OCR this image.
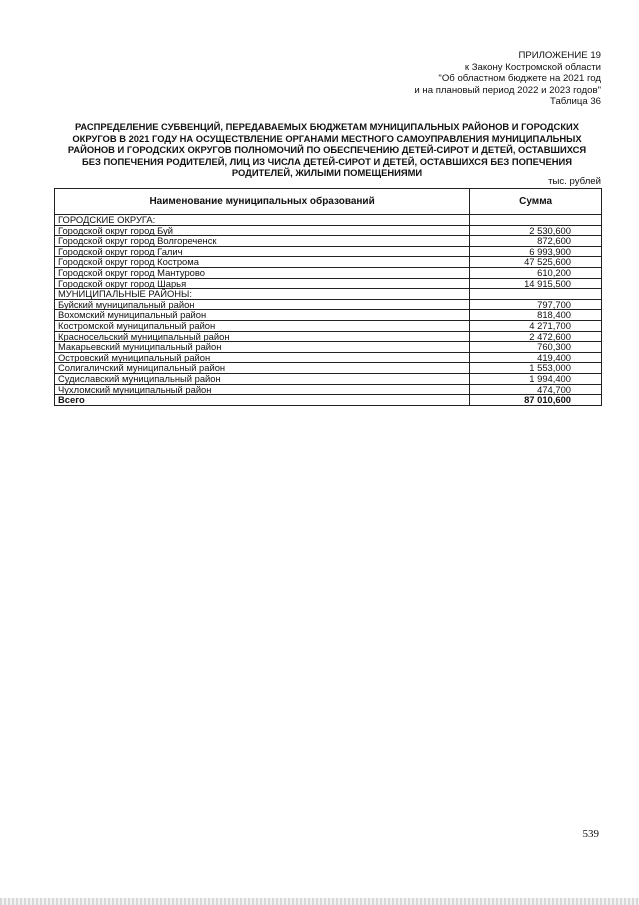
ПРИЛОЖЕНИЕ 19
к Закону Костромской области
"Об областном бюджете на 2021 год
и на плановый период 2022 и 2023 годов"
Таблица 36
РАСПРЕДЕЛЕНИЕ СУБВЕНЦИЙ, ПЕРЕДАВАЕМЫХ БЮДЖЕТАМ МУНИЦИПАЛЬНЫХ РАЙОНОВ И ГОРОДСКИХ
ОКРУГОВ В 2021 ГОДУ НА ОСУЩЕСТВЛЕНИЕ ОРГАНАМИ МЕСТНОГО САМОУПРАВЛЕНИЯ МУНИЦИПАЛЬНЫХ
РАЙОНОВ И ГОРОДСКИХ ОКРУГОВ ПОЛНОМОЧИЙ ПО ОБЕСПЕЧЕНИЮ ДЕТЕЙ-СИРОТ И ДЕТЕЙ, ОСТАВШИХСЯ
БЕЗ ПОПЕЧЕНИЯ РОДИТЕЛЕЙ, ЛИЦ ИЗ ЧИСЛА ДЕТЕЙ-СИРОТ И ДЕТЕЙ, ОСТАВШИХСЯ БЕЗ ПОПЕЧЕНИЯ
РОДИТЕЛЕЙ, ЖИЛЫМИ ПОМЕЩЕНИЯМИ
тыс. рублей
Наименование муниципальных образований	Сумма
ГОРОДСКИЕ ОКРУГА:	
Городской округ город Буй	2 530,600
Городской округ город Волгореченск	872,600
Городской округ город Галич	6 993,900
Городской округ город Кострома	47 525,600
Городской округ город Мантурово	610,200
Городской округ город Шарья	14 915,500
МУНИЦИПАЛЬНЫЕ РАЙОНЫ:	
Буйский муниципальный район	797,700
Вохомский муниципальный район	818,400
Костромской муниципальный район	4 271,700
Красносельский муниципальный район	2 472,600
Макарьевский муниципальный район	760,300
Островский муниципальный район	419,400
Солигаличский муниципальный район	1 553,000
Судиславский муниципальный район	1 994,400
Чухломский муниципальный район	474,700
Всего	87 010,600
539
